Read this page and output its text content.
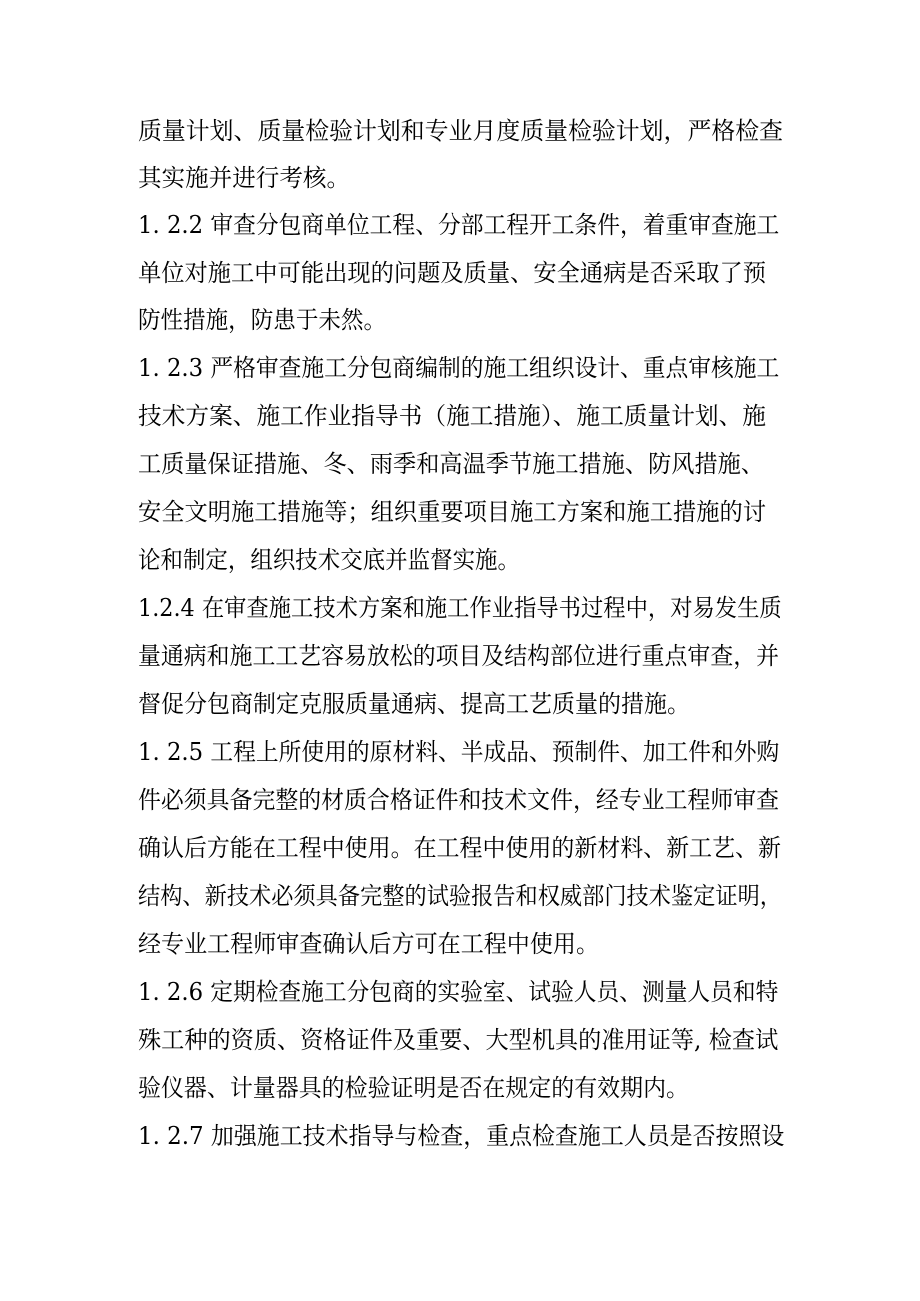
质量计划、质量检验计划和专业月度质量检验计划，严格检查
其实施并进行考核。
1. 2.2 审查分包商单位工程、分部工程开工条件，着重审查施工
单位对施工中可能出现的问题及质量、安全通病是否采取了预
防性措施，防患于未然。
1. 2.3 严格审查施工分包商编制的施工组织设计、重点审核施工
技术方案、施工作业指导书（施工措施）、施工质量计划、施
工质量保证措施、冬、雨季和高温季节施工措施、防风措施、
安全文明施工措施等；组织重要项目施工方案和施工措施的讨
论和制定，组织技术交底并监督实施。
1.2.4 在审查施工技术方案和施工作业指导书过程中，对易发生质
量通病和施工工艺容易放松的项目及结构部位进行重点审查，并
督促分包商制定克服质量通病、提高工艺质量的措施。
1. 2.5 工程上所使用的原材料、半成品、预制件、加工件和外购
件必须具备完整的材质合格证件和技术文件，经专业工程师审查
确认后方能在工程中使用。在工程中使用的新材料、新工艺、新
结构、新技术必须具备完整的试验报告和权威部门技术鉴定证明，
经专业工程师审查确认后方可在工程中使用。
1. 2.6 定期检查施工分包商的实验室、试验人员、测量人员和特
殊工种的资质、资格证件及重要、大型机具的准用证等, 检查试
验仪器、计量器具的检验证明是否在规定的有效期内。
1. 2.7 加强施工技术指导与检查，重点检查施工人员是否按照设
